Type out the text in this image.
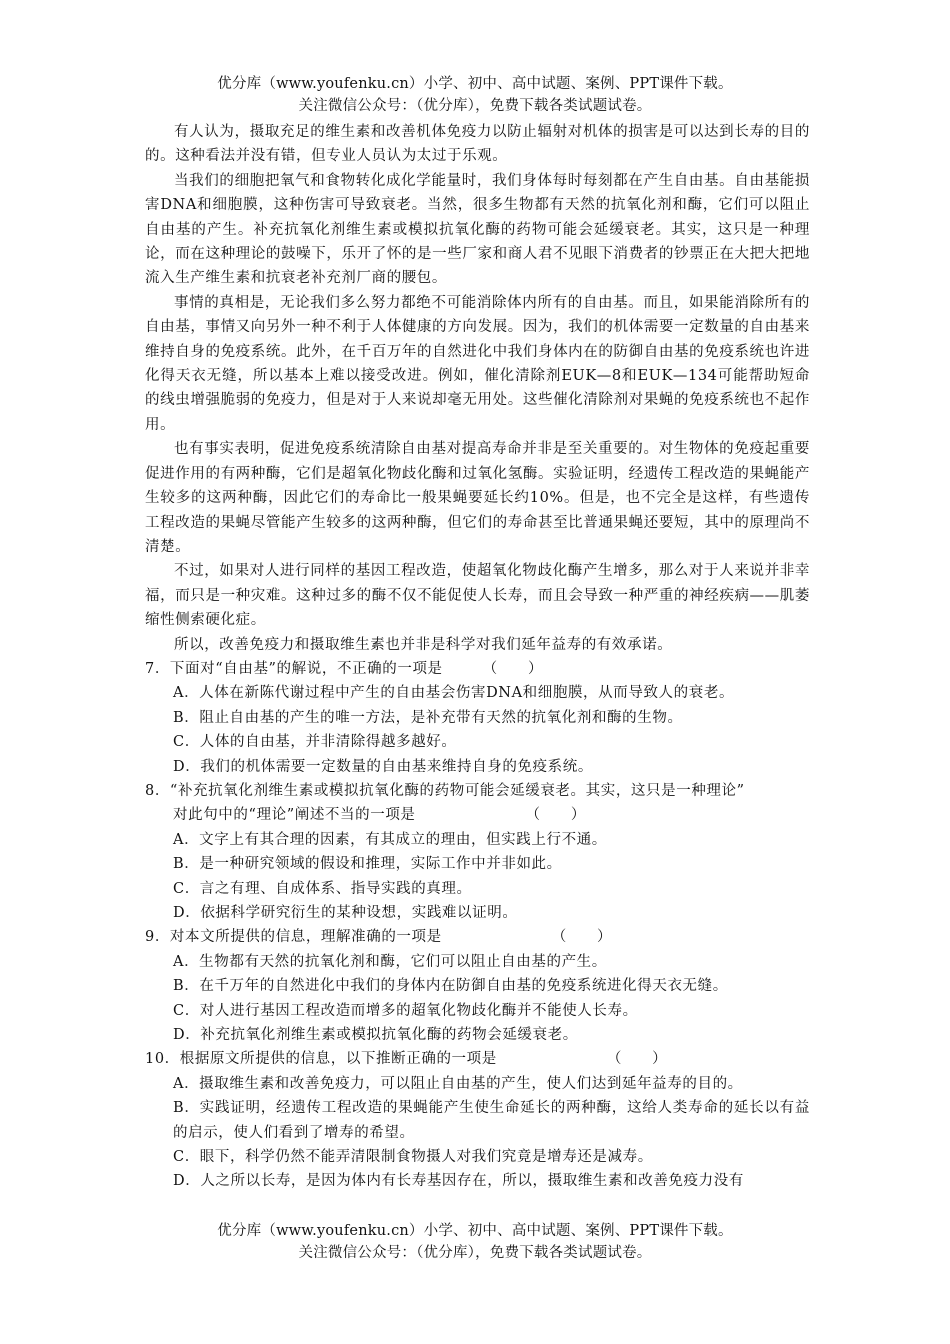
优分库（www.youfenku.cn）小学、初中、高中试题、案例、PPT课件下载。
关注微信公众号：（优分库），免费下载各类试题试卷。

有人认为，摄取充足的维生素和改善机体免疫力以防止辐射对机体的损害是可以达到长寿的目的的。这种看法并没有错，但专业人员认为太过于乐观。

当我们的细胞把氧气和食物转化成化学能量时，我们身体每时每刻都在产生自由基。自由基能损害DNA和细胞膜，这种伤害可导致衰老。当然，很多生物都有天然的抗氧化剂和酶，它们可以阻止自由基的产生。补充抗氧化剂维生素或模拟抗氧化酶的药物可能会延缓衰老。其实，这只是一种理论，而在这种理论的鼓噪下，乐开了怀的是一些厂家和商人君不见眼下消费者的钞票正在大把大把地流入生产维生素和抗衰老补充剂厂商的腰包。

事情的真相是，无论我们多么努力都绝不可能消除体内所有的自由基。而且，如果能消除所有的自由基，事情又向另外一种不利于人体健康的方向发展。因为，我们的机体需要一定数量的自由基来维持自身的免疫系统。此外，在千百万年的自然进化中我们身体内在的防御自由基的免疫系统也许进化得天衣无缝，所以基本上难以接受改进。例如，催化清除剂EUK—8和EUK—134可能帮助短命的线虫增强脆弱的免疫力，但是对于人来说却毫无用处。这些催化清除剂对果蝇的免疫系统也不起作用。

也有事实表明，促进免疫系统清除自由基对提高寿命并非是至关重要的。对生物体的免疫起重要促进作用的有两种酶，它们是超氧化物歧化酶和过氧化氢酶。实验证明，经遗传工程改造的果蝇能产生较多的这两种酶，因此它们的寿命比一般果蝇要延长约10%。但是，也不完全是这样，有些遗传工程改造的果蝇尽管能产生较多的这两种酶，但它们的寿命甚至比普通果蝇还要短，其中的原理尚不清楚。

不过，如果对人进行同样的基因工程改造，使超氧化物歧化酶产生增多，那么对于人来说并非幸福，而只是一种灾难。这种过多的酶不仅不能促使人长寿，而且会导致一种严重的神经疾病——肌萎缩性侧索硬化症。

所以，改善免疫力和摄取维生素也并非是科学对我们延年益寿的有效承诺。

7．下面对“自由基”的解说，不正确的一项是	（　　）
A．人体在新陈代谢过程中产生的自由基会伤害DNA和细胞膜，从而导致人的衰老。
B．阻止自由基的产生的唯一方法，是补充带有天然的抗氧化剂和酶的生物。
C．人体的自由基，并非清除得越多越好。
D．我们的机体需要一定数量的自由基来维持自身的免疫系统。
8．“补充抗氧化剂维生素或模拟抗氧化酶的药物可能会延缓衰老。其实，这只是一种理论”
对此句中的“理论”阐述不当的一项是	（　　）
A．文字上有其合理的因素，有其成立的理由，但实践上行不通。
B．是一种研究领域的假设和推理，实际工作中并非如此。
C．言之有理、自成体系、指导实践的真理。
D．依据科学研究衍生的某种设想，实践难以证明。
9．对本文所提供的信息，理解准确的一项是	（　　）
A．生物都有天然的抗氧化剂和酶，它们可以阻止自由基的产生。
B．在千万年的自然进化中我们的身体内在防御自由基的免疫系统进化得天衣无缝。
C．对人进行基因工程改造而增多的超氧化物歧化酶并不能使人长寿。
D．补充抗氧化剂维生素或模拟抗氧化酶的药物会延缓衰老。
10．根据原文所提供的信息，以下推断正确的一项是	（　　）
A．摄取维生素和改善免疫力，可以阻止自由基的产生，使人们达到延年益寿的目的。
B．实践证明，经遗传工程改造的果蝇能产生使生命延长的两种酶，这给人类寿命的延长以有益的启示，使人们看到了增寿的希望。
C．眼下，科学仍然不能弄清限制食物摄人对我们究竟是增寿还是减寿。
D．人之所以长寿，是因为体内有长寿基因存在，所以，摄取维生素和改善免疫力没有
优分库（www.youfenku.cn）小学、初中、高中试题、案例、PPT课件下载。
关注微信公众号：（优分库），免费下载各类试题试卷。
